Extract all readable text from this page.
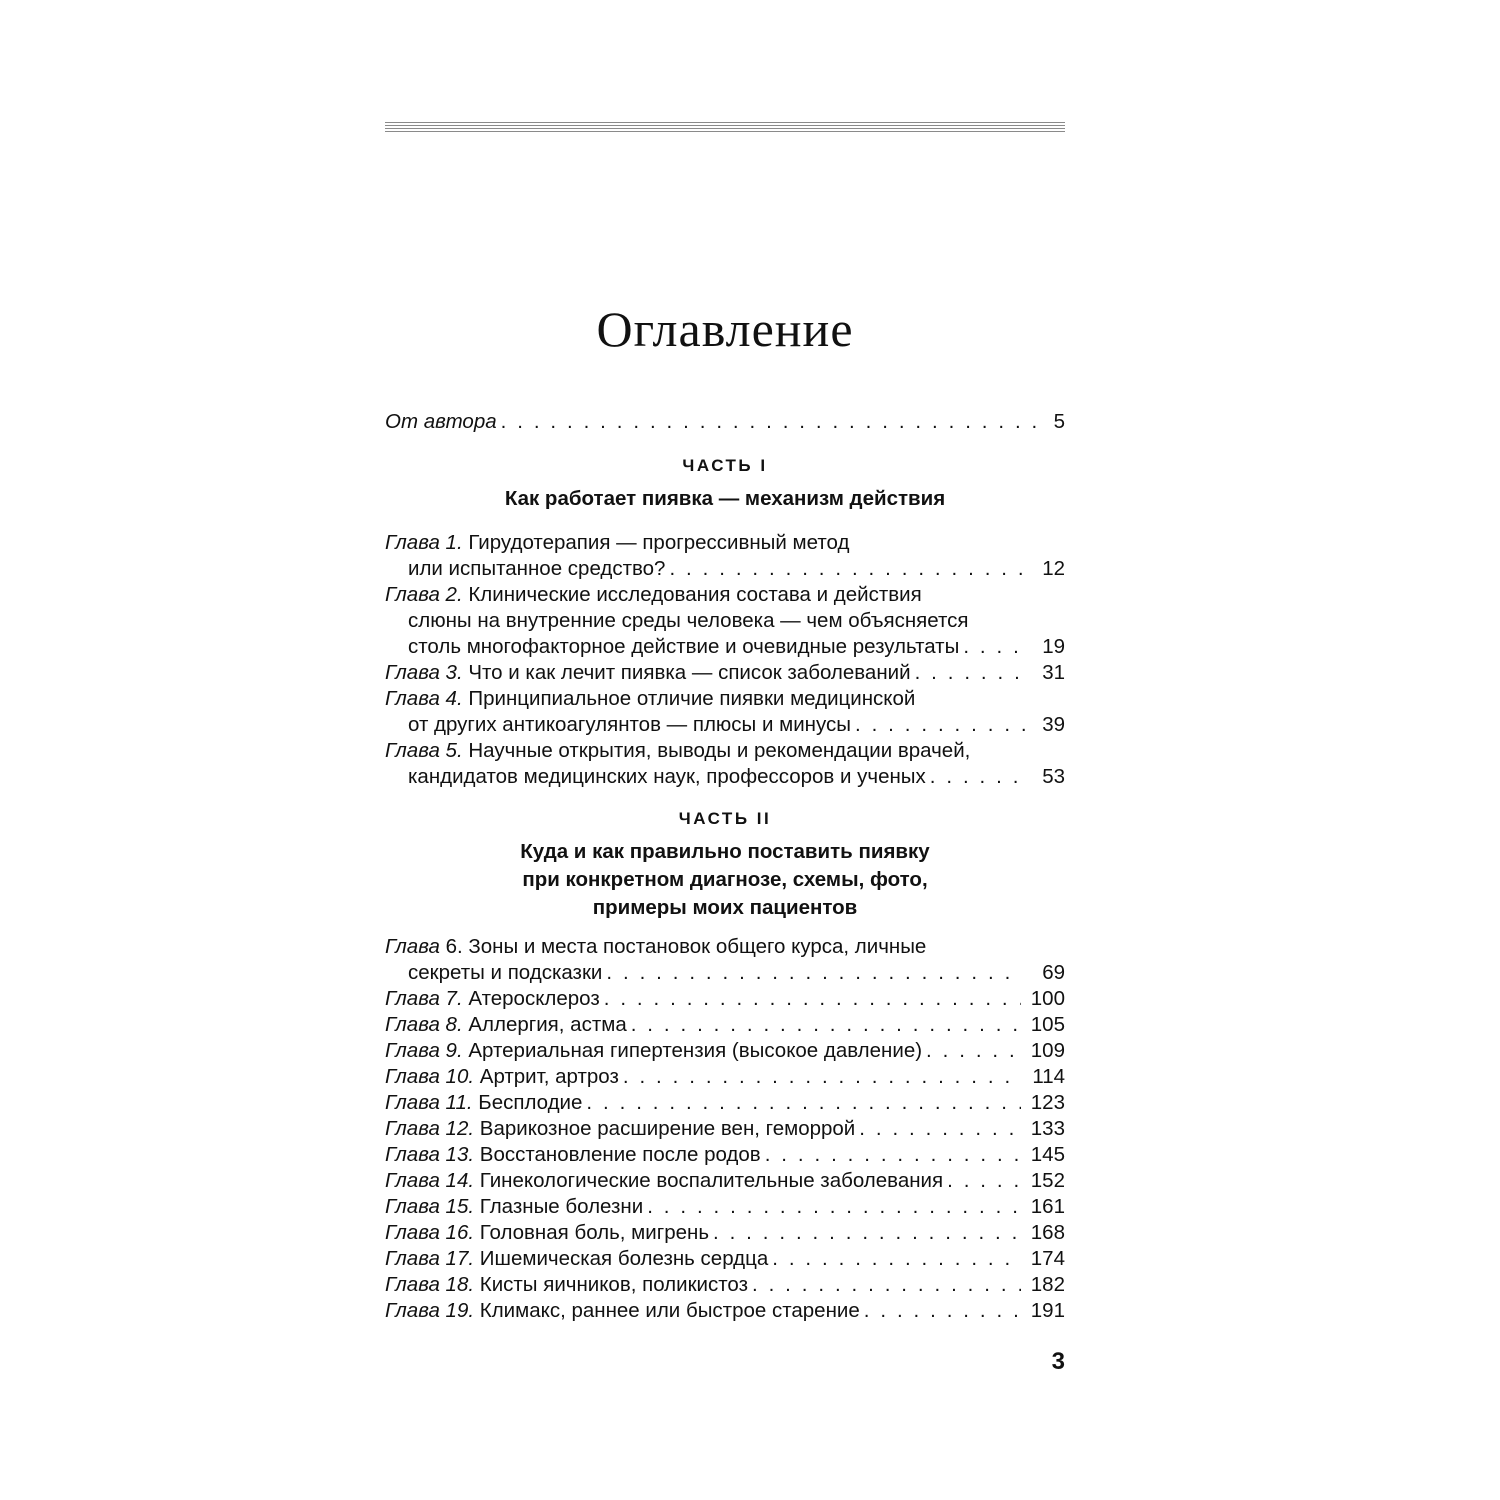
Оглавление
От автора . . .	5

ЧАСТЬ I

Как работает пиявка — механизм действия

Глава 1. Гирудотерапия — прогрессивный метод
или испытанное средство? . . .	12
Глава 2. Клинические исследования состава и действия
слюны на внутренние среды человека — чем объясняется
столь многофакторное действие и очевидные результаты . . .	19
Глава 3. Что и как лечит пиявка — список заболеваний . . .	31
Глава 4. Принципиальное отличие пиявки медицинской
от других антикоагулянтов — плюсы и минусы . . .	39
Глава 5. Научные открытия, выводы и рекомендации врачей,
кандидатов медицинских наук, профессоров и ученых . . .	53

ЧАСТЬ II

Куда и как правильно поставить пиявку

при конкретном диагнозе, схемы, фото,

примеры моих пациентов

Глава 6. Зоны и места постановок общего курса, личные
секреты и подсказки . . .	69
Глава 7. Атеросклероз . . .	100
Глава 8. Аллергия, астма . . .	105
Глава 9. Артериальная гипертензия (высокое давление) . . .	109
Глава 10. Артрит, артроз . . .	114
Глава 11. Бесплодие . . .	123
Глава 12. Варикозное расширение вен, геморрой . . .	133
Глава 13. Восстановление после родов . . .	145
Глава 14. Гинекологические воспалительные заболевания . . .	152
Глава 15. Глазные болезни . . .	161
Глава 16. Головная боль, мигрень . . .	168
Глава 17. Ишемическая болезнь сердца . . .	174
Глава 18. Кисты яичников, поликистоз . . .	182
Глава 19. Климакс, раннее или быстрое старение . . .	191
3
